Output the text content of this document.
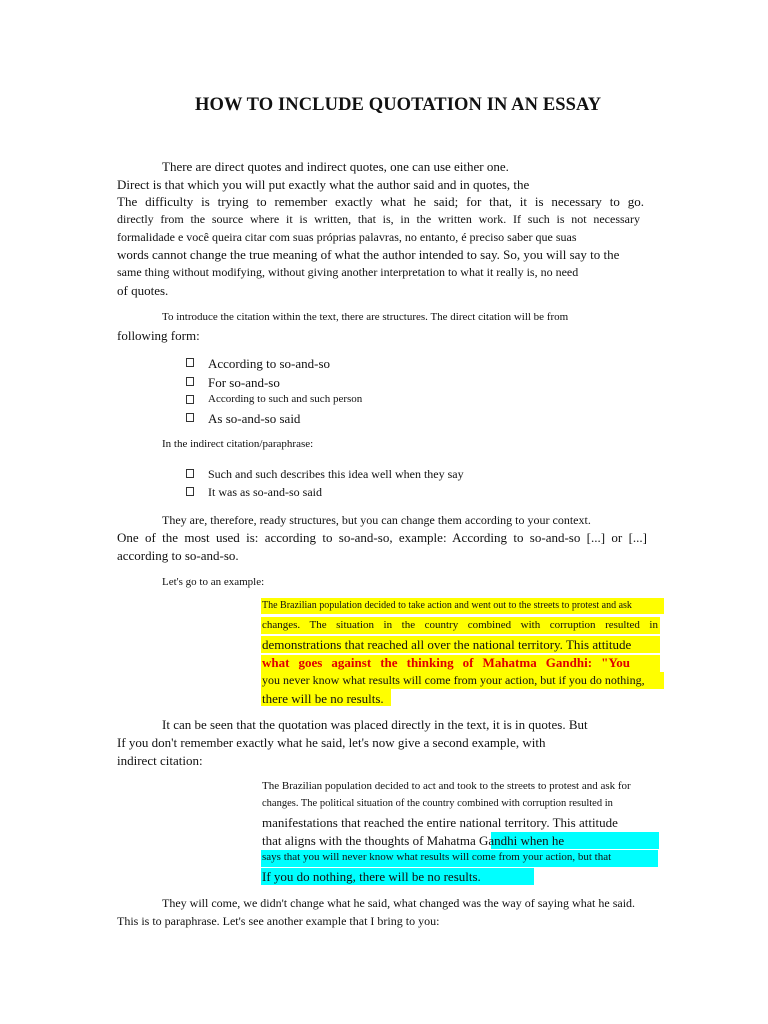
HOW TO INCLUDE QUOTATION IN AN ESSAY
There are direct quotes and indirect quotes, one can use either one.
Direct is that which you will put exactly what the author said and in quotes, the
The difficulty is trying to remember exactly what he said; for that, it is necessary to go.
directly from the source where it is written, that is, in the written work. If such is not necessary
formalidade e você queira citar com suas próprias palavras, no entanto, é preciso saber que suas
words cannot change the true meaning of what the author intended to say. So, you will say to the
same thing without modifying, without giving another interpretation to what it really is, no need
of quotes.
To introduce the citation within the text, there are structures. The direct citation will be from
following form:
According to so-and-so
For so-and-so
According to such and such person
As so-and-so said
In the indirect citation/paraphrase:
Such and such describes this idea well when they say
It was as so-and-so said
They are, therefore, ready structures, but you can change them according to your context.
One of the most used is: according to so-and-so, example: According to so-and-so [...] or [...]
according to so-and-so.
Let's go to an example:
The Brazilian population decided to take action and went out to the streets to protest and ask
changes. The situation in the country combined with corruption resulted in
demonstrations that reached all over the national territory. This attitude
what goes against the thinking of Mahatma Gandhi: "You
you never know what results will come from your action, but if you do nothing,
there will be no results.
It can be seen that the quotation was placed directly in the text, it is in quotes. But
If you don't remember exactly what he said, let's now give a second example, with
indirect citation:
The Brazilian population decided to act and took to the streets to protest and ask for
changes. The political situation of the country combined with corruption resulted in
manifestations that reached the entire national territory. This attitude
that aligns with the thoughts of Mahatma Gandhi when he
says that you will never know what results will come from your action, but that
If you do nothing, there will be no results.
They will come, we didn't change what he said, what changed was the way of saying what he said.
This is to paraphrase. Let's see another example that I bring to you:
